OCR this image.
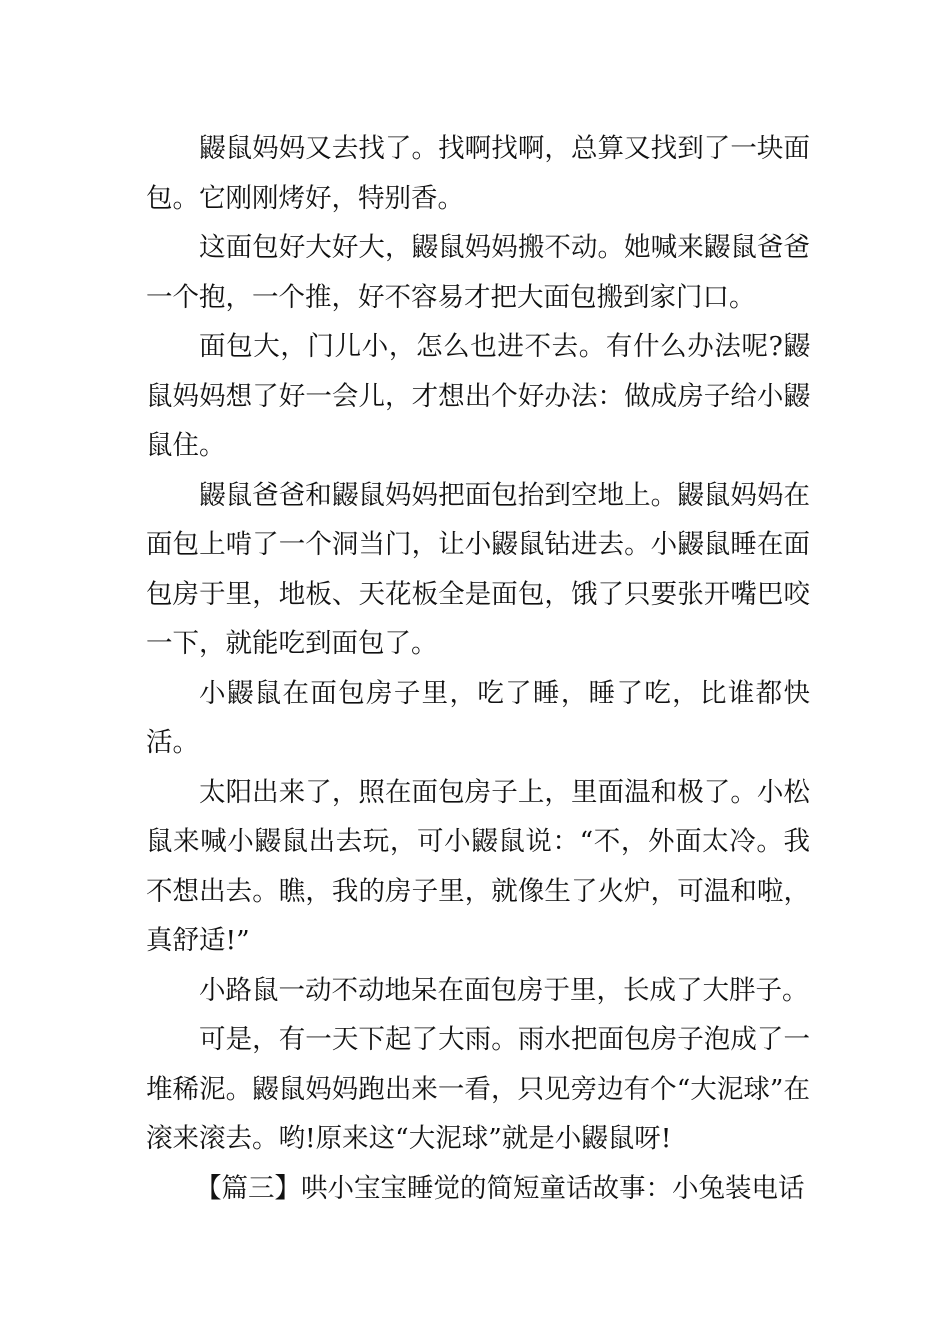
鼹鼠妈妈又去找了。找啊找啊，总算又找到了一块面包。它刚刚烤好，特别香。

这面包好大好大，鼹鼠妈妈搬不动。她喊来鼹鼠爸爸一个抱，一个推，好不容易才把大面包搬到家门口。

面包大，门儿小，怎么也进不去。有什么办法呢?鼹鼠妈妈想了好一会儿，才想出个好办法：做成房子给小鼹鼠住。

鼹鼠爸爸和鼹鼠妈妈把面包抬到空地上。鼹鼠妈妈在面包上啃了一个洞当门，让小鼹鼠钻进去。小鼹鼠睡在面包房于里，地板、天花板全是面包，饿了只要张开嘴巴咬一下，就能吃到面包了。

小鼹鼠在面包房子里，吃了睡，睡了吃，比谁都快活。

太阳出来了，照在面包房子上，里面温和极了。小松鼠来喊小鼹鼠出去玩，可小鼹鼠说：“不，外面太冷。我不想出去。瞧，我的房子里，就像生了火炉，可温和啦，真舒适!”

小路鼠一动不动地呆在面包房于里，长成了大胖子。

可是，有一天下起了大雨。雨水把面包房子泡成了一堆稀泥。鼹鼠妈妈跑出来一看，只见旁边有个“大泥球”在滚来滚去。哟!原来这“大泥球”就是小鼹鼠呀!

【篇三】哄小宝宝睡觉的简短童话故事：小兔装电话
